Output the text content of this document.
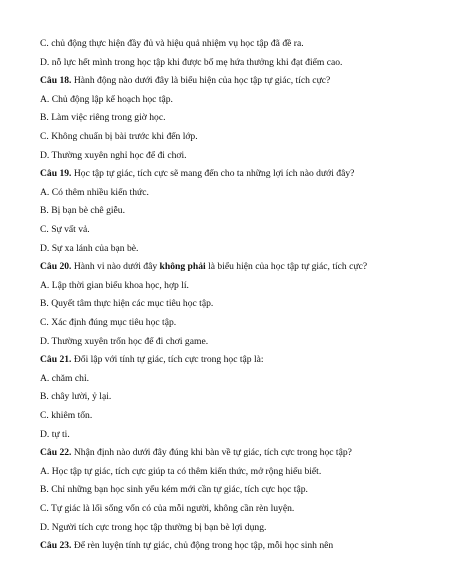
C. chủ động thực hiện đầy đủ và hiệu quả nhiệm vụ học tập đã đề ra.
D. nỗ lực hết mình trong học tập khi được bố mẹ hứa thưởng khi đạt điểm cao.
Câu 18. Hành động nào dưới đây là biểu hiện của học tập tự giác, tích cực?
A. Chủ động lập kế hoạch học tập.
B. Làm việc riêng trong giờ học.
C. Không chuẩn bị bài trước khi đến lớp.
D. Thường xuyên nghỉ học để đi chơi.
Câu 19. Học tập tự giác, tích cực sẽ mang đến cho ta những lợi ích nào dưới đây?
A. Có thêm nhiều kiến thức.
B. Bị bạn bè chê giễu.
C. Sự vất vả.
D. Sự xa lánh của bạn bè.
Câu 20. Hành vi nào dưới đây không phải là biểu hiện của học tập tự giác, tích cực?
A. Lập thời gian biểu khoa học, hợp lí.
B. Quyết tâm thực hiện các mục tiêu học tập.
C. Xác định đúng mục tiêu học tập.
D. Thường xuyên trốn học để đi chơi game.
Câu 21. Đối lập với tính tự giác, tích cực trong học tập là:
A. chăm chỉ.
B. chây lười, ỷ lại.
C. khiêm tốn.
D. tự ti.
Câu 22. Nhận định nào dưới đây đúng khi bàn về tự giác, tích cực trong học tập?
A. Học tập tự giác, tích cực giúp ta có thêm kiến thức, mở rộng hiểu biết.
B. Chỉ những bạn học sinh yếu kém mới cần tự giác, tích cực học tập.
C. Tự giác là lối sống vốn có của mỗi người, không cần rèn luyện.
D. Người tích cực trong học tập thường bị bạn bè lợi dụng.
Câu 23. Để rèn luyện tính tự giác, chủ động trong học tập, mỗi học sinh nên
